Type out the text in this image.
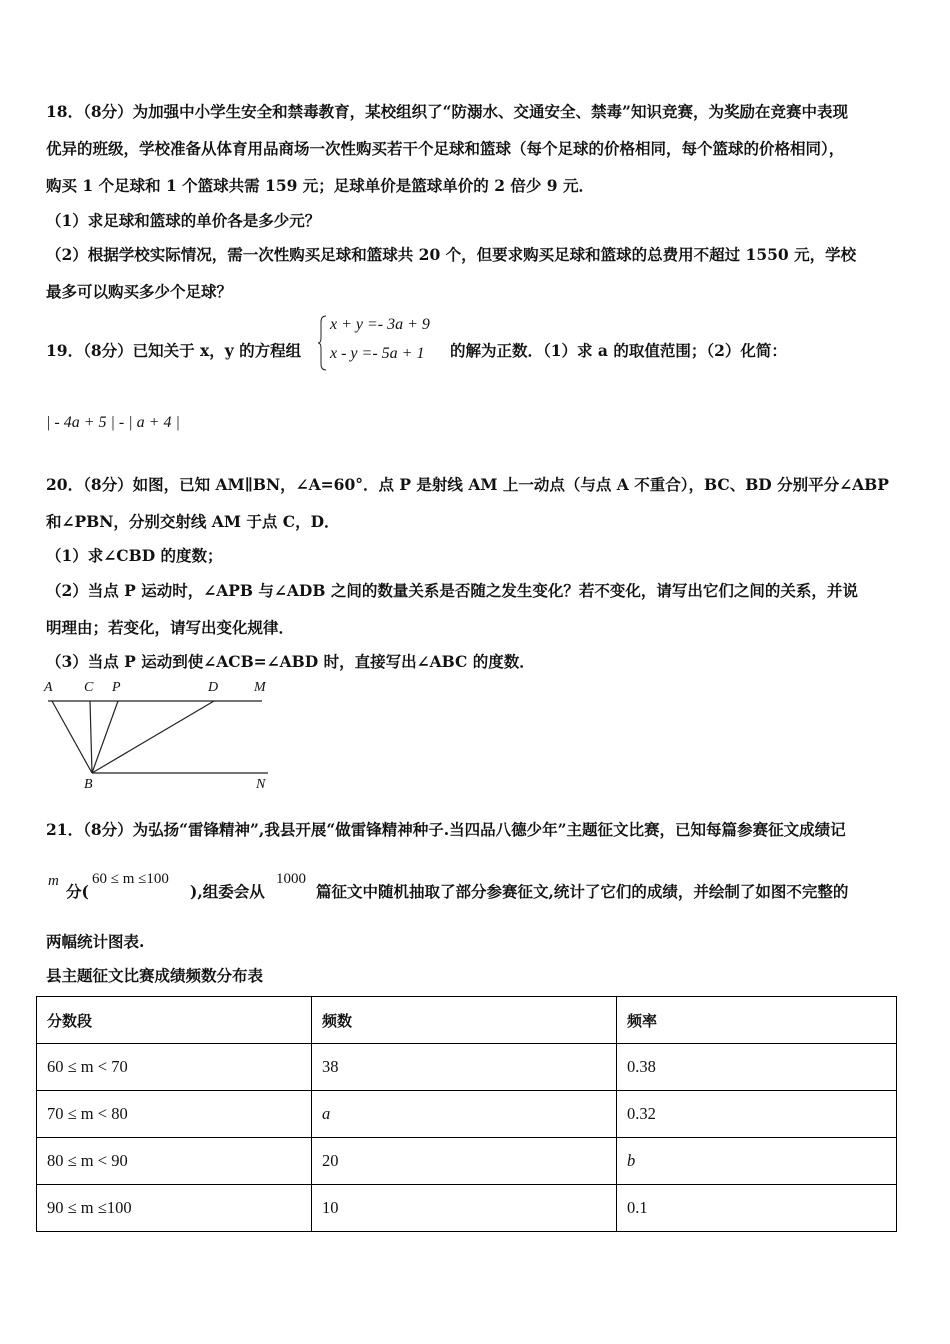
18．（8分）为加强中小学生安全和禁毒教育，某校组织了“防溺水、交通安全、禁毒”知识竞赛，为奖励在竞赛中表现
优异的班级，学校准备从体育用品商场一次性购买若干个足球和篮球（每个足球的价格相同，每个篮球的价格相同），
购买 1 个足球和 1 个篮球共需 159 元；足球单价是篮球单价的 2 倍少 9 元．
（1）求足球和篮球的单价各是多少元？
（2）根据学校实际情况，需一次性购买足球和篮球共 20 个，但要求购买足球和篮球的总费用不超过 1550 元，学校
最多可以购买多少个足球？
19．（8分）已知关于 x，y 的方程组
x + y =- 3a + 9
x - y =- 5a + 1 的解为正数．（1）求 a 的取值范围；（2）化简：
| - 4a + 5 | - | a + 4 |
20．（8分）如图，已知 AM∥BN，∠A=60°．点 P 是射线 AM 上一动点（与点 A 不重合），BC、BD 分别平分∠ABP
和∠PBN，分别交射线 AM 于点 C，D．
（1）求∠CBD 的度数；
（2）当点 P 运动时，∠APB 与∠ADB 之间的数量关系是否随之发生变化？若不变化，请写出它们之间的关系，并说
明理由；若变化，请写出变化规律．
（3）当点 P 运动到使∠ACB=∠ABD 时，直接写出∠ABC 的度数．
A C P	D	M
B	N
21．（8分）为弘扬“雷锋精神”,我县开展“做雷锋精神种子.当四品八德少年”主题征文比赛，已知每篇参赛征文成绩记
m
分(
60 ≤ m ≤100
),组委会从
1000
篇征文中随机抽取了部分参赛征文,统计了它们的成绩，并绘制了如图不完整的
两幅统计图表.
县主题征文比赛成绩频数分布表
分数段	频数	频率
60 ≤ m < 70	38	0.38
70 ≤ m < 80	a	0.32
80 ≤ m < 90	20	b
90 ≤ m ≤100	10	0.1
